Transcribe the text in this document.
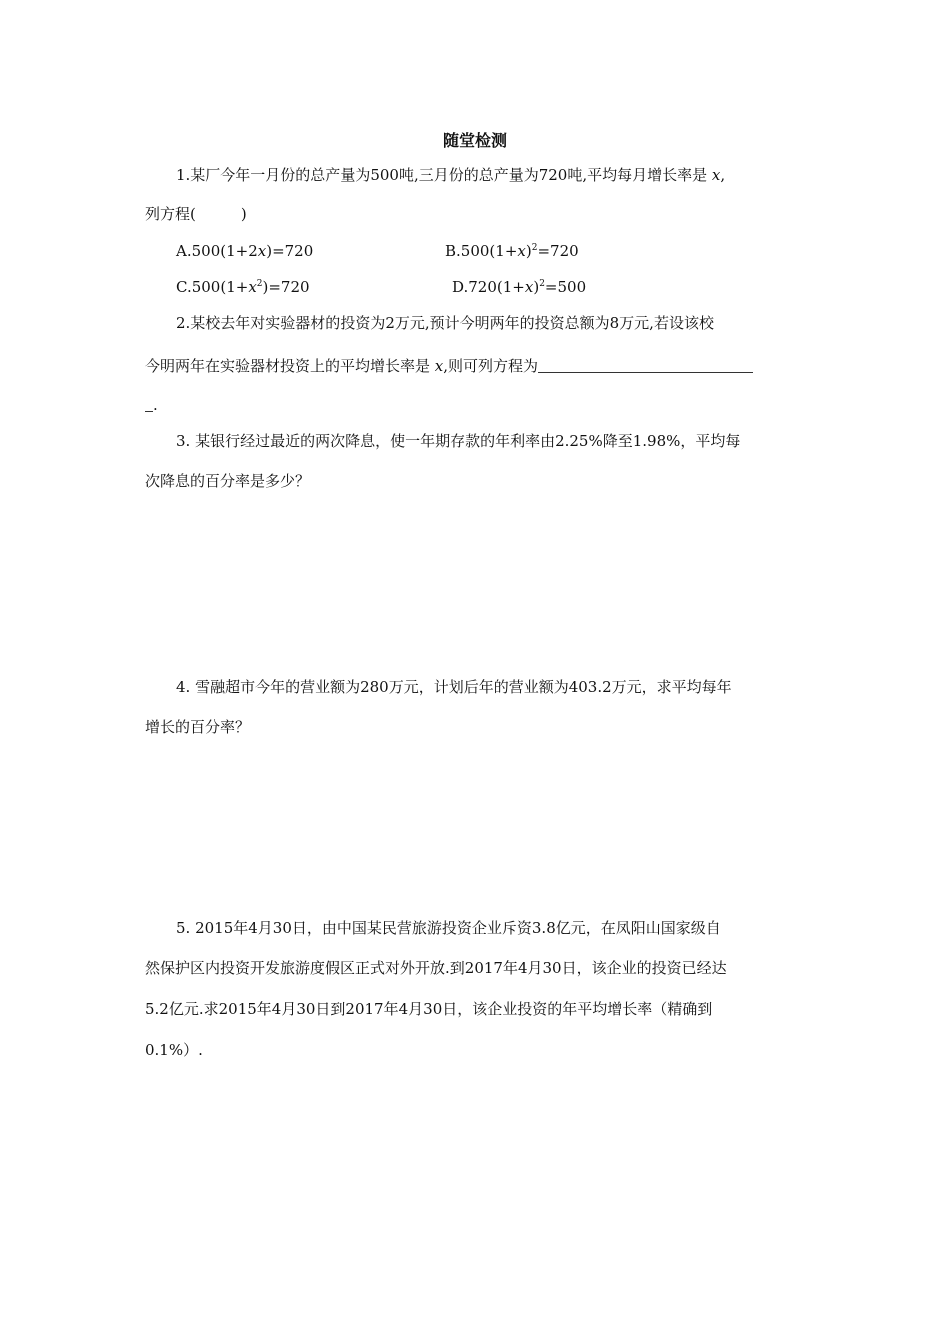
随堂检测
1.某厂今年一月份的总产量为500吨,三月份的总产量为720吨,平均每月增长率是 x,
列方程(　　　)
A.500(1+2x)=720	$B.500(1+x)^2=720$
$C.500(1+x^2)=720$	$D.720(1+x)^2=500$
2.某校去年对实验器材的投资为2万元,预计今明两年的投资总额为8万元,若设该校
今明两年在实验器材投资上的平均增长率是 x,则可列方程为
.
3. 某银行经过最近的两次降息，使一年期存款的年利率由2.25%降至1.98%，平均每
次降息的百分率是多少？
4. 雪融超市今年的营业额为280万元，计划后年的营业额为403.2万元，求平均每年
增长的百分率？
5. 2015年4月30日，由中国某民营旅游投资企业斥资3.8亿元，在凤阳山国家级自
然保护区内投资开发旅游度假区正式对外开放.到2017年4月30日，该企业的投资已经达
5.2亿元.求2015年4月30日到2017年4月30日，该企业投资的年平均增长率（精确到
0.1%）.
